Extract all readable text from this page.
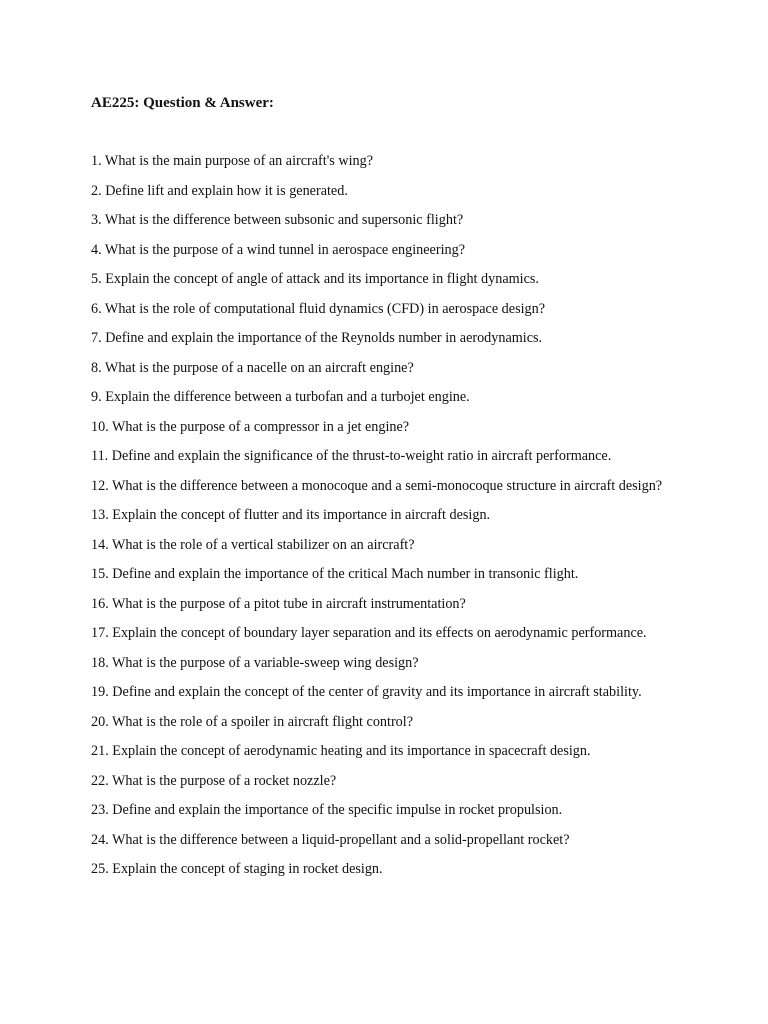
AE225: Question & Answer:
1. What is the main purpose of an aircraft's wing?
2. Define lift and explain how it is generated.
3. What is the difference between subsonic and supersonic flight?
4. What is the purpose of a wind tunnel in aerospace engineering?
5. Explain the concept of angle of attack and its importance in flight dynamics.
6. What is the role of computational fluid dynamics (CFD) in aerospace design?
7. Define and explain the importance of the Reynolds number in aerodynamics.
8. What is the purpose of a nacelle on an aircraft engine?
9. Explain the difference between a turbofan and a turbojet engine.
10. What is the purpose of a compressor in a jet engine?
11. Define and explain the significance of the thrust-to-weight ratio in aircraft performance.
12. What is the difference between a monocoque and a semi-monocoque structure in aircraft design?
13. Explain the concept of flutter and its importance in aircraft design.
14. What is the role of a vertical stabilizer on an aircraft?
15. Define and explain the importance of the critical Mach number in transonic flight.
16. What is the purpose of a pitot tube in aircraft instrumentation?
17. Explain the concept of boundary layer separation and its effects on aerodynamic performance.
18. What is the purpose of a variable-sweep wing design?
19. Define and explain the concept of the center of gravity and its importance in aircraft stability.
20. What is the role of a spoiler in aircraft flight control?
21. Explain the concept of aerodynamic heating and its importance in spacecraft design.
22. What is the purpose of a rocket nozzle?
23. Define and explain the importance of the specific impulse in rocket propulsion.
24. What is the difference between a liquid-propellant and a solid-propellant rocket?
25. Explain the concept of staging in rocket design.
